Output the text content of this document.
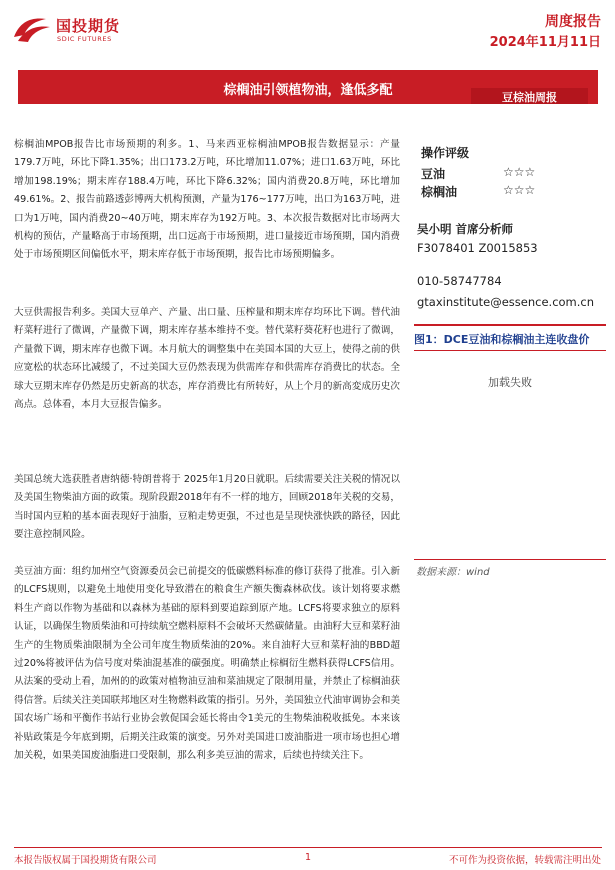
国投期货
SDIC FUTURES
周度报告
2024年11月11日
棕榈油引领植物油，逢低多配	豆棕油周报
棕榈油MPOB报告比市场预期的利多。1、马来西亚棕榈油MPOB报告数据显示：产量179.7万吨，环比下降1.35%；出口173.2万吨，环比增加11.07%；进口1.63万吨，环比增加198.19%；期末库存188.4万吨，环比下降6.32%；国内消费20.8万吨，环比增加49.61%。2、报告前路透彭博两大机构预测，产量为176~177万吨，出口为163万吨，进口为1万吨，国内消费20~40万吨，期末库存为192万吨。3、本次报告数据对比市场两大机构的预估，产量略高于市场预期，出口远高于市场预期，进口量接近市场预期，国内消费处于市场预期区间偏低水平，期末库存低于市场预期，报告比市场预期偏多。
大豆供需报告利多。美国大豆单产、产量、出口量、压榨量和期末库存均环比下调。替代油籽菜籽进行了微调，产量微下调，期末库存基本维持不变。替代菜籽葵花籽也进行了微调，产量微下调，期末库存也微下调。本月航大的调整集中在美国本国的大豆上，使得之前的供应宽松的状态环比减缓了，不过美国大豆仍然表现为供需库存和供需库存消费比的状态。全球大豆期末库存仍然是历史新高的状态，库存消费比有所转好，从上个月的新高変成历史次高点。总体看，本月大豆报告偏多。
美国总统大选获胜者唐纳德·特朗普将于 2025年1月20日就职。后续需要关注关税的情况以及美国生物柴油方面的政策。现阶段跟2018年有不一样的地方，回顾2018年关税的交易，当时国内豆粕的基本面表现好于油脂，豆粕走势更强，不过也是呈现快涨快跌的路径，因此要注意控制风险。
美豆油方面：组约加州空气资源委员会已前提交的低碳燃料标准的修订获得了批准。引入新的LCFS规则，以避免土地使用变化导致潜在的粮食生产额失衡森林砍伐。该计划将要求燃料生产商以作物为基础和以森林为基础的原料到要追踪到原产地。LCFS将要求独立的原料认证，以确保生物质柴油和可持续航空燃料原料不会破坏天然碳储量。由油籽大豆和菜籽油生产的生物质柴油限制为全公司年度生物质柴油的20%。来自油籽大豆和菜籽油的BBD超过20%将被评估为信号度对柴油混基准的碳强度。明确禁止棕榈衍生燃料获得LCFS信用。从法案的受动上看，加州的的政策对植物油豆油和菜油规定了限制用量，并禁止了棕榈油获得信誉。后续关注美国联邦地区对生物燃料政策的指引。另外，美国独立代油审调协会和美国农场广场和平衡作书站行业协会敦促国会延长将由令1美元的生物柴油税收抵免。本来该补贴政策是今年底到期，后期关注政策的演变。另外对美国进口废油脂进一项市场也担心增加关税，如果美国废油脂进口受限制，那么利多美豆油的需求，后续也持续关注下。
操作评级
豆油	☆☆☆
棕榈油	☆☆☆
吴小明 首席分析师
F3078401 Z0015853
010-58747784
gtaxinstitute@essence.com.cn
图1：DCE豆油和棕榈油主连收盘价
加载失败
数据来源：wind
本报告版权属于国投期货有限公司	1	不可作为投资依据，转载需注明出处
